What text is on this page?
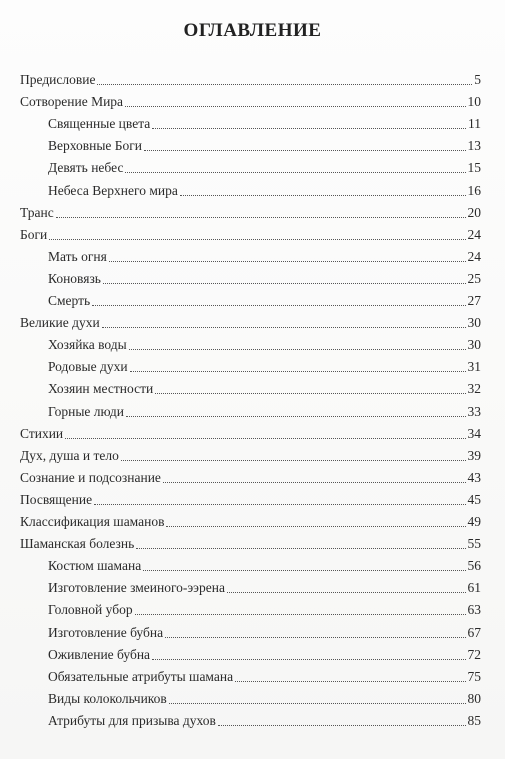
ОГЛАВЛЕНИЕ
Предисловие	5
Сотворение Мира	10
Священные цвета	11
Верховные Боги	13
Девять небес	15
Небеса Верхнего мира	16
Транс	20
Боги	24
Мать огня	24
Коновязь	25
Смерть	27
Великие духи	30
Хозяйка воды	30
Родовые духи	31
Хозяин местности	32
Горные люди	33
Стихии	34
Дух, душа и тело	39
Сознание и подсознание	43
Посвящение	45
Классификация шаманов	49
Шаманская болезнь	55
Костюм шамана	56
Изготовление змеиного-ээрена	61
Головной убор	63
Изготовление бубна	67
Оживление бубна	72
Обязательные атрибуты шамана	75
Виды колокольчиков	80
Атрибуты для призыва духов	85
